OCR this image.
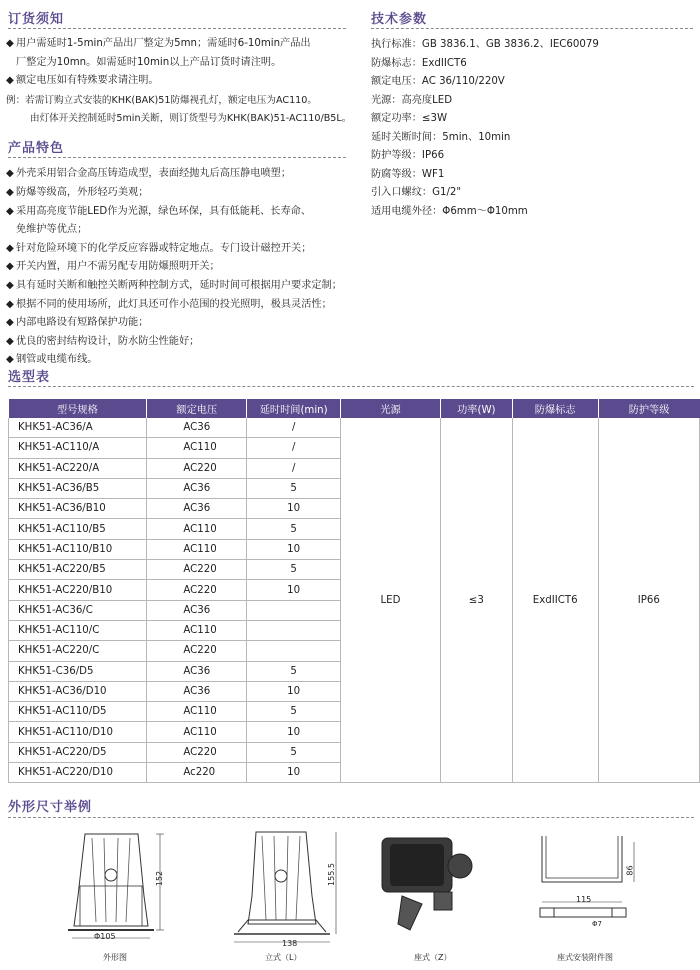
订货须知
◆ 用户需延时1-5min产品出厂整定为5mn；需延时6-10min产品出
厂整定为10mn。如需延时10min以上产品订货时请注明。
◆ 额定电压如有特殊要求请注明。
例：若需订购立式安装的KHK(BAK)51防爆视孔灯，额定电压为AC110。
由灯体开关控制延时5min关断，则订货型号为KHK(BAK)51-AC110/B5L。
产品特色
◆ 外壳采用铝合金高压铸造成型，表面经抛丸后高压静电喷塑；
◆ 防爆等级高，外形轻巧美观；
◆ 采用高亮度节能LED作为光源，绿色环保，具有低能耗、长寿命、
免维护等优点；
◆ 针对危险环境下的化学反应容器或特定地点。专门设计磁控开关；
◆ 开关内置，用户不需另配专用防爆照明开关；
◆ 具有延时关断和触控关断两种控制方式，延时时间可根据用户要求定制；
◆ 根据不同的使用场所，此灯具还可作小范围的投光照明，极具灵活性；
◆ 内部电路设有短路保护功能；
◆ 优良的密封结构设计，防水防尘性能好；
◆ 钢管或电缆布线。
技术参数
执行标准：GB 3836.1、GB 3836.2、IEC60079
防爆标志：ExdIICT6
额定电压：AC 36/110/220V
光源：高亮度LED
额定功率：≤3W
延时关断时间：5min、10min
防护等级：IP66
防腐等级：WF1
引入口螺纹：G1/2"
适用电缆外径：Φ6mm～Φ10mm
选型表
型号规格	额定电压	延时时间(min)	光源	功率(W)	防爆标志	防护等级
KHK51-AC36/A	AC36	/	LED	≤3	ExdIICT6	IP66
KHK51-AC110/A	AC110	/				
KHK51-AC220/A	AC220	/				
KHK51-AC36/B5	AC36	5				
KHK51-AC36/B10	AC36	10				
KHK51-AC110/B5	AC110	5				
KHK51-AC110/B10	AC110	10				
KHK51-AC220/B5	AC220	5				
KHK51-AC220/B10	AC220	10				
KHK51-AC36/C	AC36					
KHK51-AC110/C	AC110					
KHK51-AC220/C	AC220					
KHK51-C36/D5	AC36	5				
KHK51-AC36/D10	AC36	10				
KHK51-AC110/D5	AC110	5				
KHK51-AC110/D10	AC110	10				
KHK51-AC220/D5	AC220	5				
KHK51-AC220/D10	Ac220	10				
外形尺寸举例
Φ105
152
外形图
138
155.5
立式（L）	座式（Z）
115
86
Φ7
座式安装附件图
